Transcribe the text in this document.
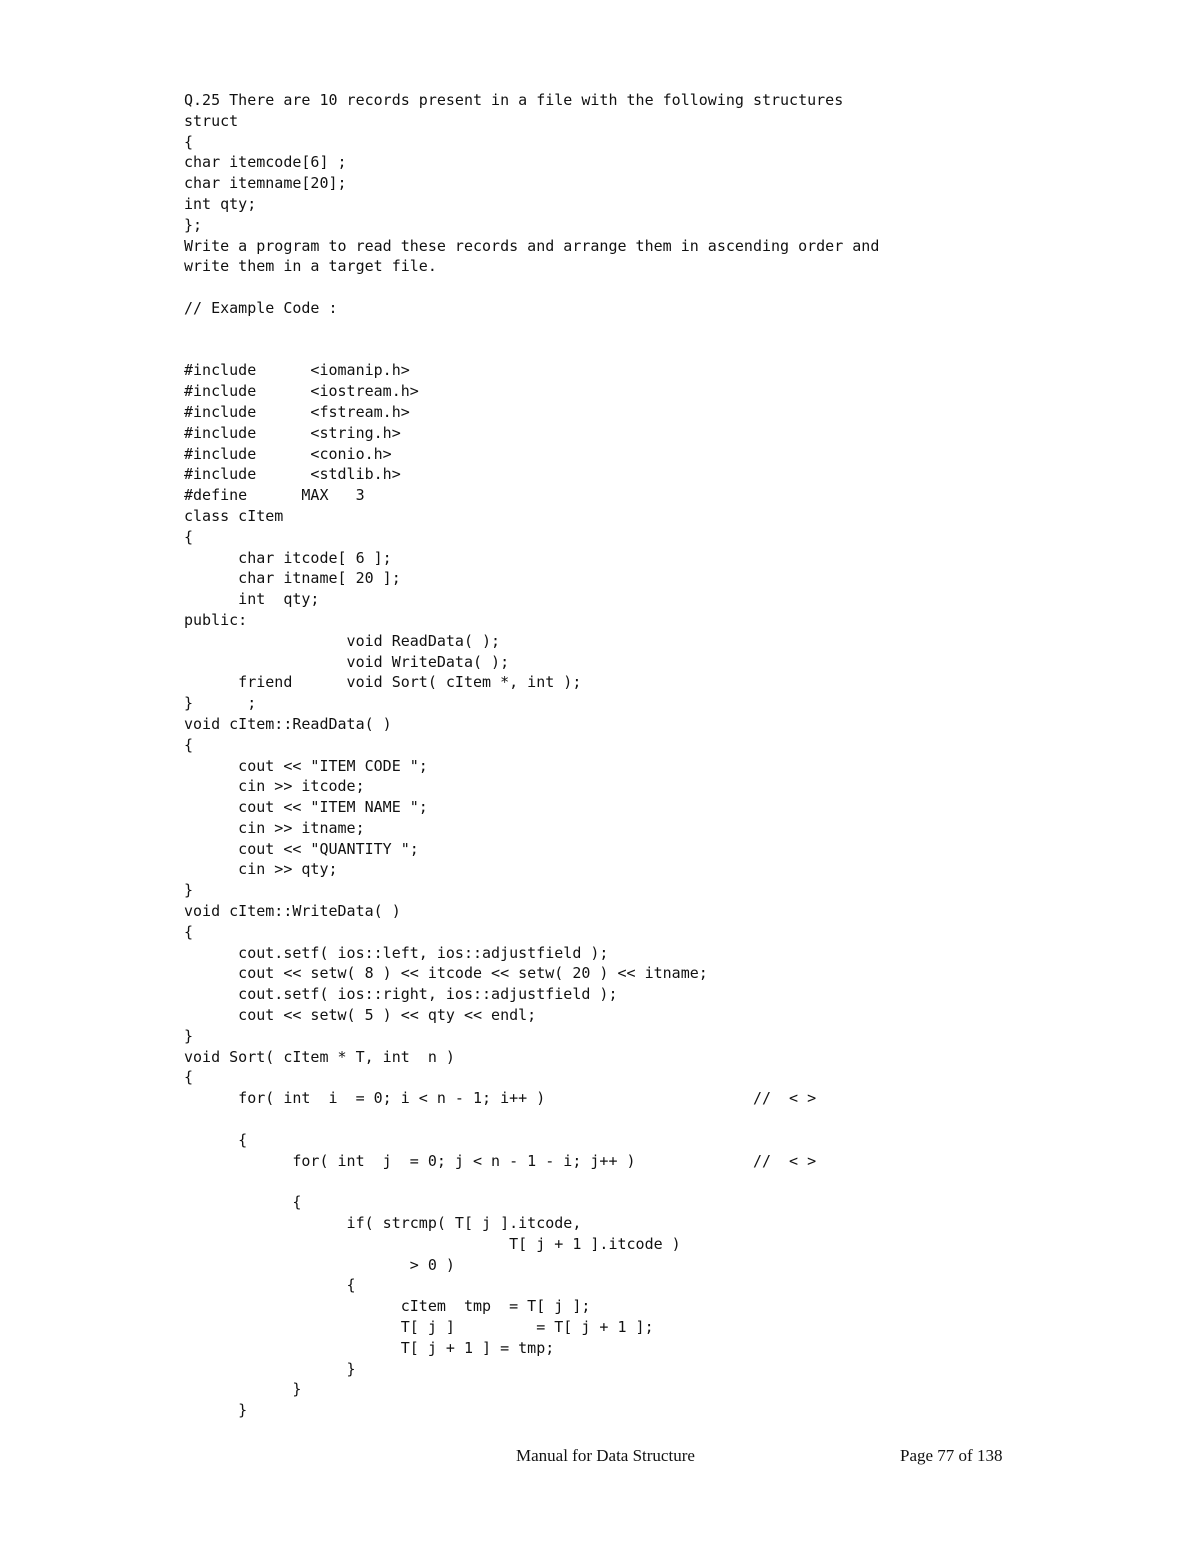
Q.25 There are 10 records present in a file with the following structures
struct
{
char itemcode[6] ;
char itemname[20];
int qty;
};
Write a program to read these records and arrange them in ascending order and
write them in a target file.
// Example Code :
#include      <iomanip.h>
#include      <iostream.h>
#include      <fstream.h>
#include      <string.h>
#include      <conio.h>
#include      <stdlib.h>
#define      MAX   3
class cItem
{
char itcode[ 6 ];
char itname[ 20 ];
int  qty;
public:
void ReadData( );
void WriteData( );
friend      void Sort( cItem *, int );
}      ;
void cItem::ReadData( )
{
cout << "ITEM CODE ";
cin >> itcode;
cout << "ITEM NAME ";
cin >> itname;
cout << "QUANTITY ";
cin >> qty;
}
void cItem::WriteData( )
{
cout.setf( ios::left, ios::adjustfield );
cout << setw( 8 ) << itcode << setw( 20 ) << itname;
cout.setf( ios::right, ios::adjustfield );
cout << setw( 5 ) << qty << endl;
}
void Sort( cItem * T, int  n )
{
for( int  i  = 0; i < n - 1; i++ )                       //  < >
{
for( int  j  = 0; j < n - 1 - i; j++ )             //  < >
{
if( strcmp( T[ j ].itcode,
T[ j + 1 ].itcode )
> 0 )
{
cItem  tmp  = T[ j ];
T[ j ]         = T[ j + 1 ];
T[ j + 1 ] = tmp;
}
}
}
Manual for Data Structure	Page 77 of 138
